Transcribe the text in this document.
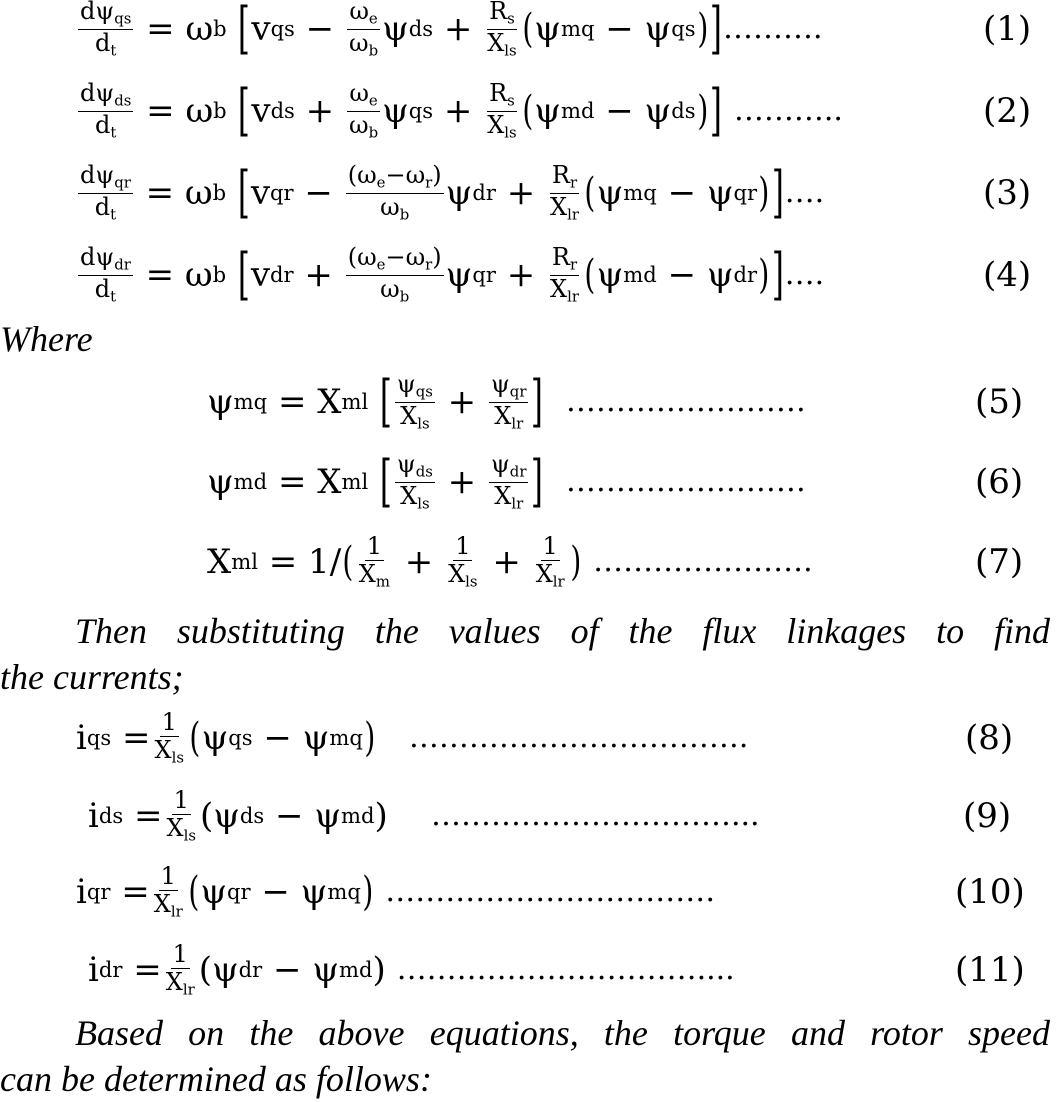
$\frac{d\psi_{qs}}{d_t} = \omega$ b
[ v qs − $\frac{\omega_e}{\omega_b}$ ψ ds + $\frac{R_s}{X_{ls}}$ ( ψ mq − ψ qs ) ] ……….	(1)
$\frac{d\psi_{ds}}{d_t} = \omega$ b
[ v ds + $\frac{\omega_e}{\omega_b}$ ψ qs + $\frac{R_s}{X_{ls}}$ ( ψ md − ψ ds ) ]
………..	(2)
$\frac{d\psi_{qr}}{d_t} = \omega$ b
[ v qr − $\frac{(\omega_e-\omega_r)}{\omega_b}$ ψ dr + $\frac{R_r}{X_{lr}}$ ( ψ mq − ψ qr ) ] ….	(3)
$\frac{d\psi_{dr}}{d_t} = \omega$ b
[ v dr + $\frac{(\omega_e-\omega_r)}{\omega_b}$ ψ qr + $\frac{R_r}{X_{lr}}$ ( ψ md − ψ dr ) ] ….	(4)

Where

ψ mq = X ml
[ $\frac{\psi_{qs}}{X_{ls}} + \frac{\psi_{qr}}{X_{lr}}$ ]
……………………	(5)
ψ md = X ml
[ $\frac{\psi_{ds}}{X_{ls}} + \frac{\psi_{dr}}{X_{lr}}$ ]
……………………	(6)
X ml = 1/ ( $\frac{1}{X_m} + \frac{1}{X_{ls}} + \frac{1}{X_{lr}}$ )
………………….	(7)

Then substituting the values of the flux linkages to find

the currents;

i qs = $\frac{1}{X_{ls}}$ ( ψ qs − ψ mq )
…………………………….	(8)
i ds = $\frac{1}{X_{ls}} (\psi$ ds − ψ md ) …………………………...	(9)
i qr = $\frac{1}{X_{lr}}$ ( ψ qr − ψ mq )
……………………………	(10)
i dr = $\frac{1}{X_{lr}} (\psi$ dr − ψ md ) …………………………....	(11)

Based on the above equations, the torque and rotor speed

can be determined as follows:
